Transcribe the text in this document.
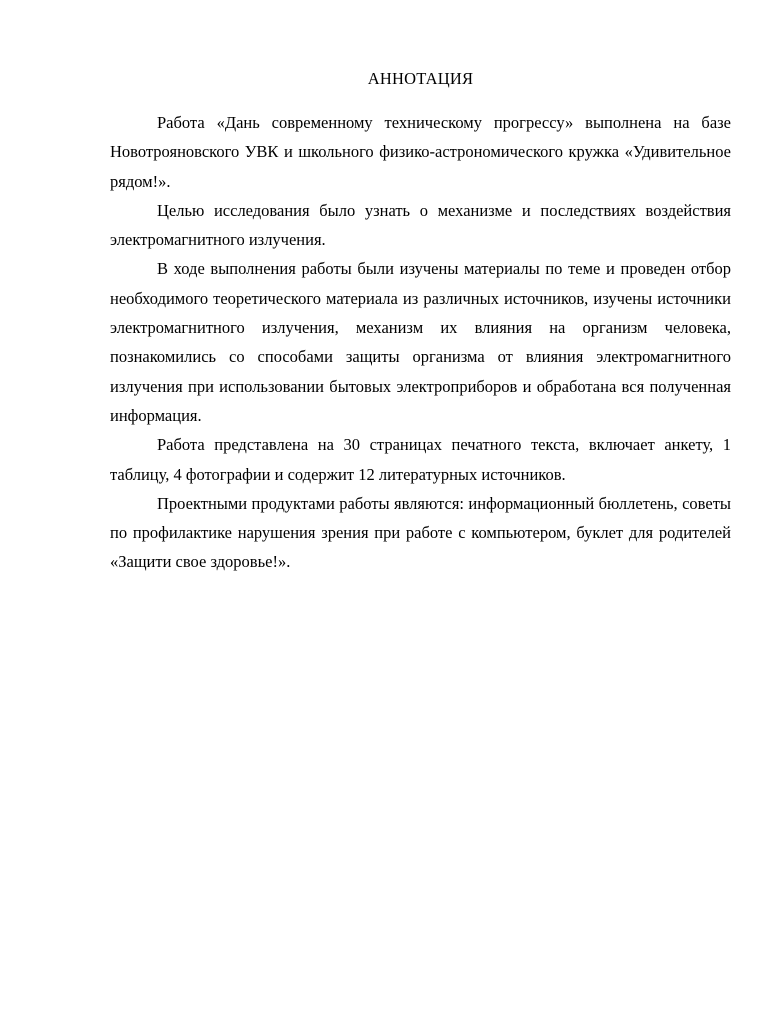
АННОТАЦИЯ

Работа «Дань современному техническому прогрессу» выполнена на базе Новотрояновского УВК и школьного физико-астрономического кружка «Удивительное рядом!».

Целью исследования было узнать о механизме и последствиях воздействия электромагнитного излучения.

В ходе выполнения работы были изучены материалы по теме и проведен отбор необходимого теоретического материала из различных источников, изучены источники электромагнитного излучения, механизм их влияния на организм человека, познакомились со способами защиты организма от влияния электромагнитного излучения при использовании бытовых электроприборов и обработана вся полученная информация.

Работа представлена на 30 страницах печатного текста, включает анкету, 1 таблицу, 4 фотографии и содержит 12 литературных источников.

Проектными продуктами работы являются: информационный бюллетень, советы по профилактике нарушения зрения при работе с компьютером, буклет для родителей «Защити свое здоровье!».
